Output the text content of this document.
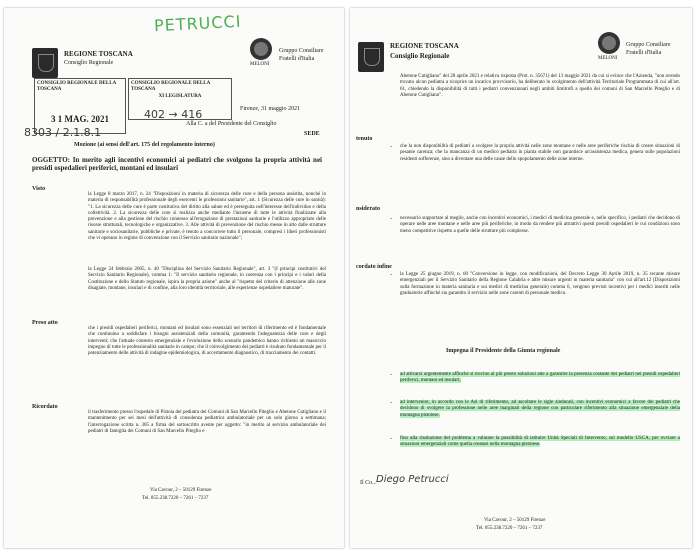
PETRUCCI
REGIONE TOSCANA
Consiglio Regionale	MELONI
Gruppo Consiliare
Fratelli d'Italia
CONSIGLIO REGIONALE DELLA TOSCANA
3 1 MAG. 2021
CONSIGLIO REGIONALE DELLA TOSCANA
XI LEGISLATURA
402 → 416
8303 / 2.1.8.1
Firenze, 31 maggio 2021
Alla C. a del Presidente del Consiglio
SEDE
Mozione (ai sensi dell'art. 175 del regolamento interno)
OGGETTO: In merito agli incentivi economici ai pediatri che svolgono la propria attività nei presidi ospedalieri periferici, montani ed insulari
Visto
la Legge 8 marzo 2017, n. 24 "Disposizioni in materia di sicurezza delle cure e della persona assistita, nonché in materia di responsabilità professionale degli esercenti le professioni sanitarie", art. 1 (Sicurezza delle cure in sanità): "1. La sicurezza delle cure è parte costitutiva del diritto alla salute ed è perseguita nell'interesse dell'individuo e della collettività. 2. La sicurezza delle cure si realizza anche mediante l'insieme di tutte le attività finalizzate alla prevenzione e alla gestione del rischio connesso all'erogazione di prestazioni sanitarie e l'utilizzo appropriato delle risorse strutturali, tecnologiche e organizzative. 3. Alle attività di prevenzione del rischio messe in atto dalle strutture sanitarie e sociosanitarie, pubbliche e private, è tenuto a concorrere tutto il personale, compresi i liberi professionisti che vi operano in regime di convenzione con il Servizio sanitario nazionale";
la Legge 24 febbraio 2005, n. 40 "Disciplina del Servizio Sanitario Regionale", art. 3 "(I principi costitutivi del Servizio Sanitario Regionale), comma 1: "Il servizio sanitario regionale, in coerenza con i principi e i valori della Costituzione e dello Statuto regionale, ispira la propria azione" anche al "rispetto del criterio di attenzione alle zone disagiate, montane, insulari e di confine, alla loro identità territoriale, alle esperienze ospedaliere maturate".
Preso atto
che i presidi ospedalieri periferici, montani ed insulari sono essenziali nei territori di riferimento ed è fondamentale che continuino a soddisfare i bisogni assistenziali della comunità, garantendo l'adeguatezza delle cure e degli interventi; che l'attuale contesto emergenziale e l'evoluzione dello scenario pandemico hanno richiesto un massiccio impegno di tutte le professionalità sanitarie in campo; che il coinvolgimento dei pediatri è risultato fondamentale per il potenziamento delle attività di indagine epidemiologica, di accertamento diagnostico, di tracciamento dei contatti.
Ricordato
il trasferimento presso l'ospedale di Pistoia del pediatra dei Comuni di San Marcello Piteglio e Abetone Cutigliano e il mantenimento per sei mesi dell'attività di consulenza pediatrica ambulatoriale per un solo giorno a settimana; l'interrogazione scritta n. 305 a firma del sottoscritto avente per oggetto: "in merito al servizio ambulatoriale dei pediatri di famiglia dei Comuni di San Marcello Piteglio e
Via Cavour, 2 – 50129 Firenze
Tel. 055.238.7220 – 7261 – 7237
REGIONE TOSCANA
Consiglio Regionale	MELONI
Gruppo Consiliare
Fratelli d'Italia
Abetone Cutigliano" del 28 aprile 2021 e relativa risposta (Prot. n. 35671) del 13 maggio 2021 da cui si evince che l'Azienda, "non avendo trovato alcun pediatra a ricoprire un incarico provvisorio, ha deliberato lo svolgimento dell'attività Territoriale Programmata di cui all'art. 61, chiedendo la disponibilità di tutti i pediatri convenzionati negli ambiti limitrofi a quello dei comuni di San Marcello Piteglio e di Abetone Cutigliano".
tenuto
- che la non disponibilità di pediatri a svolgere la propria attività nelle zone montane e nelle aree periferiche rischia di creare situazioni di pesante carenza; che la mancanza di un medico pediatra in pianta stabile non garantisce un'assistenza medica, genera sulle popolazioni residenti sofferenze, sino a diventare una delle cause dello spopolamento delle zone interne.
nsiderato
- necessario supportare al meglio, anche con incentivi economici, i medici di medicina generale e, nello specifico, i pediatri che decidono di operare nelle aree montane e nelle aree più periferiche, in modo da rendere più attrattivi questi presidi ospedalieri le cui condizioni sono meno competitive rispetto a quelle delle strutture più complesse.
cordato infine
- la Legge 25 giugno 2019, n. 60 "Conversione in legge, con modificazioni, del Decreto Legge 30 Aprile 2019, n. 35 recante misure emergenziali per il Servizio Sanitario della Regione Calabria e altre misure urgenti in materia sanitaria" con cui all'art.12 (Disposizioni sulla formazione in materia sanitaria e sui medici di medicina generale) comma 6, vengono previsti incentivi per i medici inseriti nelle graduatorie affinché sia garantito il servizio nelle zone carenti di personale medico.
Impegna il Presidente della Giunta regionale
- ad attivarsi urgentemente affinché si trovino al più presto soluzioni atte a garantire la presenza costante dei pediatri nei presidi ospedalieri periferici, montani ed insulari;
- ad intervenire, in accordo con le Asl di riferimento, ad ascoltare le sigle sindacali, con incentivi economici a favore dei pediatri che decidono di svolgere la professione nelle aree marginali della regione con particolare riferimento alla situazione emergenziale della montagna pistoiese.
- fino alla risoluzione del problema a valutare la possibilità di istituire Unità Speciali di Intervento, sul modello USCA, per ovviare a situazioni emergenziali come quella creatasi nella montagna pistoiese.
Il Co... Diego Petrucci
Via Cavour, 2 – 50129 Firenze
Tel. 055.238.7220 – 7261 – 7237
